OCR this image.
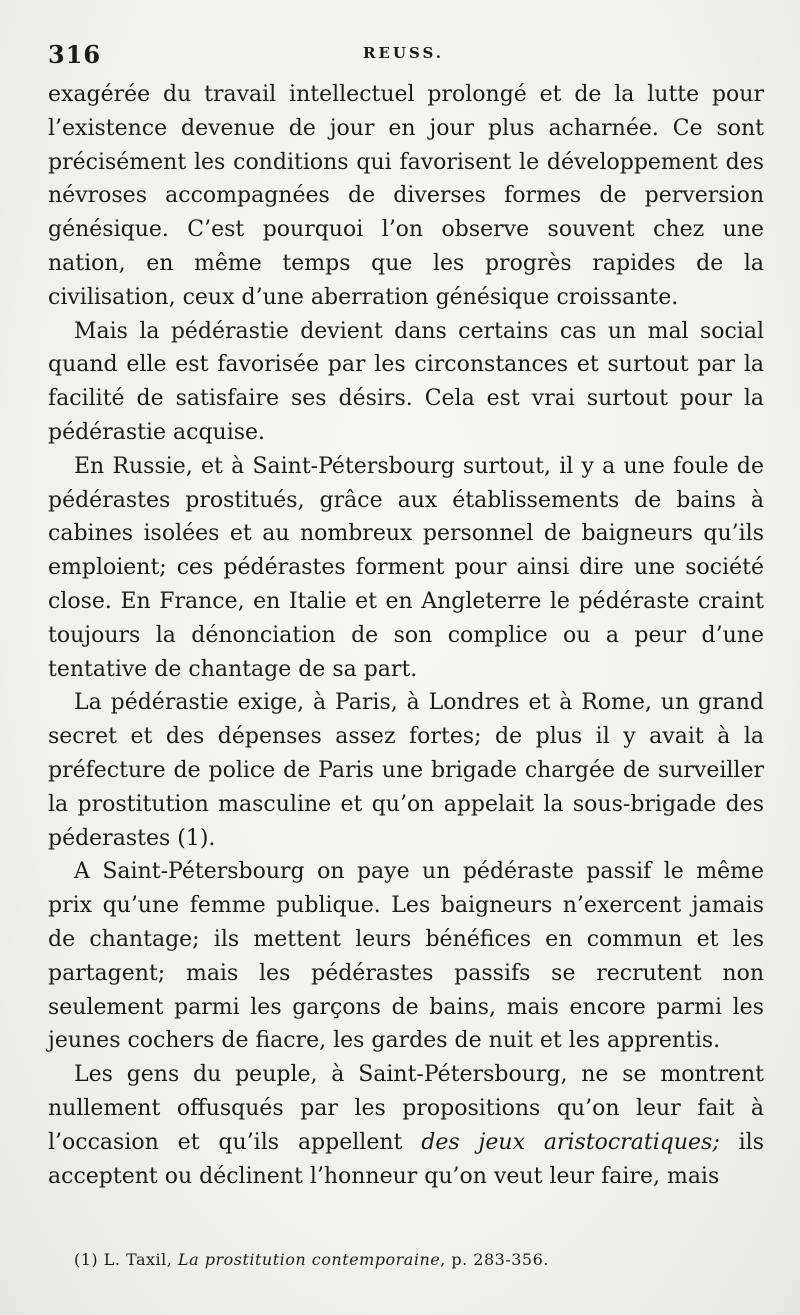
316	REUSS.

exagérée du travail intellectuel prolongé et de la lutte pour l’existence devenue de jour en jour plus acharnée. Ce sont précisément les conditions qui favorisent le développement des névroses accompagnées de diverses formes de perversion génésique. C’est pourquoi l’on observe souvent chez une nation, en même temps que les progrès rapides de la civilisation, ceux d’une aberration génésique croissante.

Mais la pédérastie devient dans certains cas un mal social quand elle est favorisée par les circonstances et surtout par la facilité de satisfaire ses désirs. Cela est vrai surtout pour la pédérastie acquise.

En Russie, et à Saint-Pétersbourg surtout, il y a une foule de pédérastes prostitués, grâce aux établissements de bains à cabines isolées et au nombreux personnel de baigneurs qu’ils emploient; ces pédérastes forment pour ainsi dire une société close. En France, en Italie et en Angleterre le pédéraste craint toujours la dénonciation de son complice ou a peur d’une tentative de chantage de sa part.

La pédérastie exige, à Paris, à Londres et à Rome, un grand secret et des dépenses assez fortes; de plus il y avait à la préfecture de police de Paris une brigade chargée de surveiller la prostitution masculine et qu’on appelait la sous-brigade des péderastes (1).

A Saint-Pétersbourg on paye un pédéraste passif le même prix qu’une femme publique. Les baigneurs n’exercent jamais de chantage; ils mettent leurs bénéfices en commun et les partagent; mais les pédérastes passifs se recrutent non seulement parmi les garçons de bains, mais encore parmi les jeunes cochers de fiacre, les gardes de nuit et les apprentis.

Les gens du peuple, à Saint-Pétersbourg, ne se montrent nullement offusqués par les propositions qu’on leur fait à l’occasion et qu’ils appellent des jeux aristocratiques; ils acceptent ou déclinent l’honneur qu’on veut leur faire, mais

(1) L. Taxil, La prostitution contemporaine, p. 283-356.
